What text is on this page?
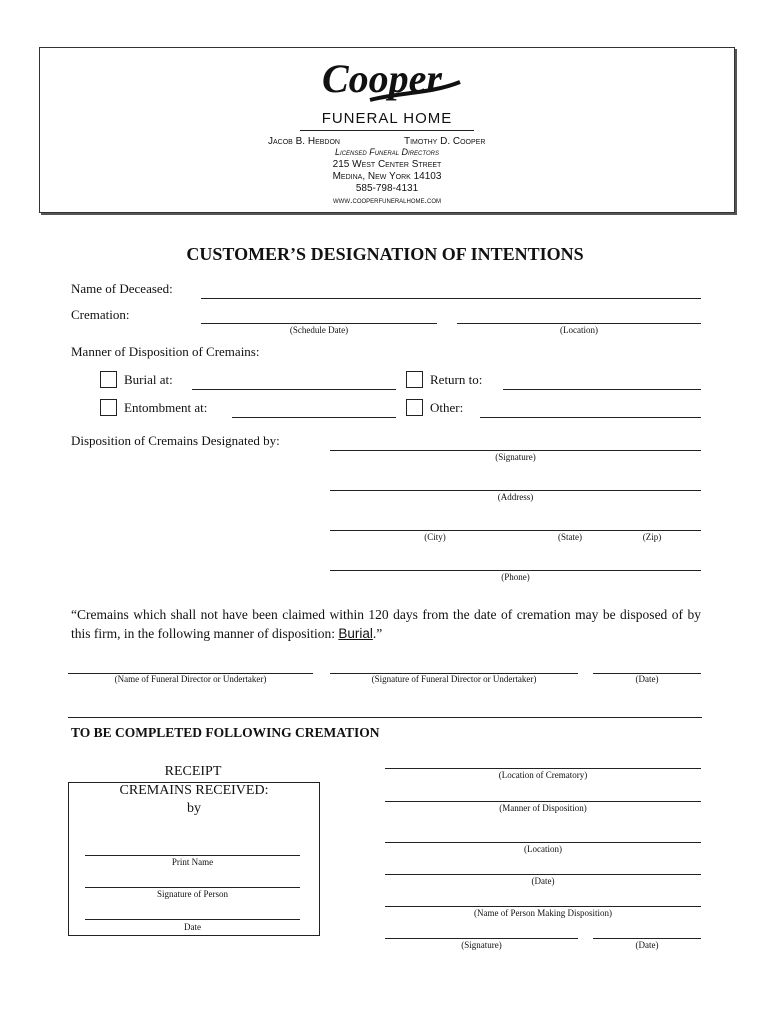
Cooper
FUNERAL HOME
Jacob B. Hebdon	Timothy D. Cooper
Licensed Funeral Directors
215 West Center Street
Medina, New York 14103
585-798-4131
www.cooperfuneralhome.com
CUSTOMER’S DESIGNATION OF INTENTIONS
Name of Deceased:
Cremation:
(Schedule Date)	(Location)
Manner of Disposition of Cremains:
Burial at:	Return to:
Entombment at:	Other:
Disposition of Cremains Designated by:
(Signature)
(Address)
(City)	(State)	(Zip)
(Phone)
“Cremains which shall not have been claimed within 120 days from the date of cremation may be disposed of by this firm, in the following manner of disposition: Burial.”
(Name of Funeral Director or Undertaker)	(Signature of Funeral Director or Undertaker)	(Date)
TO BE COMPLETED FOLLOWING CREMATION
RECEIPT
CREMAINS RECEIVED:
by
Print Name
Signature of Person
Date
(Location of Crematory)
(Manner of Disposition)
(Location)
(Date)
(Name of Person Making Disposition)
(Signature)	(Date)
